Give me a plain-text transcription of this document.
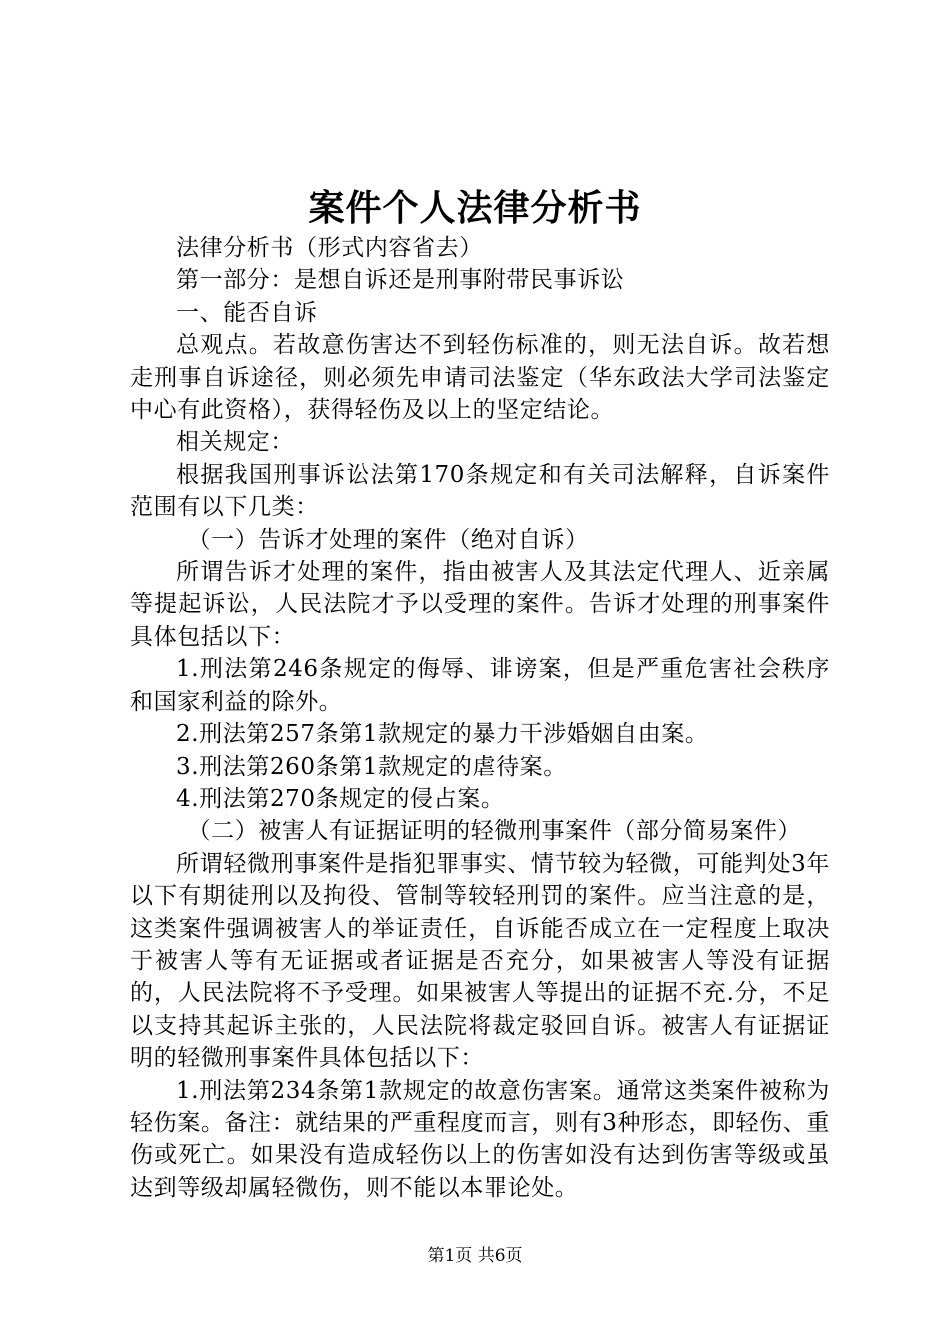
案件个人法律分析书

法律分析书（形式内容省去）

第一部分：是想自诉还是刑事附带民事诉讼

一、能否自诉

总观点。若故意伤害达不到轻伤标准的，则无法自诉。故若想走刑事自诉途径，则必须先申请司法鉴定（华东政法大学司法鉴定中心有此资格），获得轻伤及以上的坚定结论。

相关规定：

根据我国刑事诉讼法第170条规定和有关司法解释，自诉案件范围有以下几类：

（一）告诉才处理的案件（绝对自诉）

所谓告诉才处理的案件，指由被害人及其法定代理人、近亲属等提起诉讼，人民法院才予以受理的案件。告诉才处理的刑事案件具体包括以下：

1.刑法第246条规定的侮辱、诽谤案，但是严重危害社会秩序和国家利益的除外。

2.刑法第257条第1款规定的暴力干涉婚姻自由案。

3.刑法第260条第1款规定的虐待案。

4.刑法第270条规定的侵占案。

（二）被害人有证据证明的轻微刑事案件（部分简易案件）

所谓轻微刑事案件是指犯罪事实、情节较为轻微，可能判处3年以下有期徒刑以及拘役、管制等较轻刑罚的案件。应当注意的是，这类案件强调被害人的举证责任，自诉能否成立在一定程度上取决于被害人等有无证据或者证据是否充分，如果被害人等没有证据的，人民法院将不予受理。如果被害人等提出的证据不充.分，不足以支持其起诉主张的，人民法院将裁定驳回自诉。被害人有证据证明的轻微刑事案件具体包括以下：

1.刑法第234条第1款规定的故意伤害案。通常这类案件被称为轻伤案。备注：就结果的严重程度而言，则有3种形态，即轻伤、重伤或死亡。如果没有造成轻伤以上的伤害如没有达到伤害等级或虽达到等级却属轻微伤，则不能以本罪论处。

第1页 共6页
